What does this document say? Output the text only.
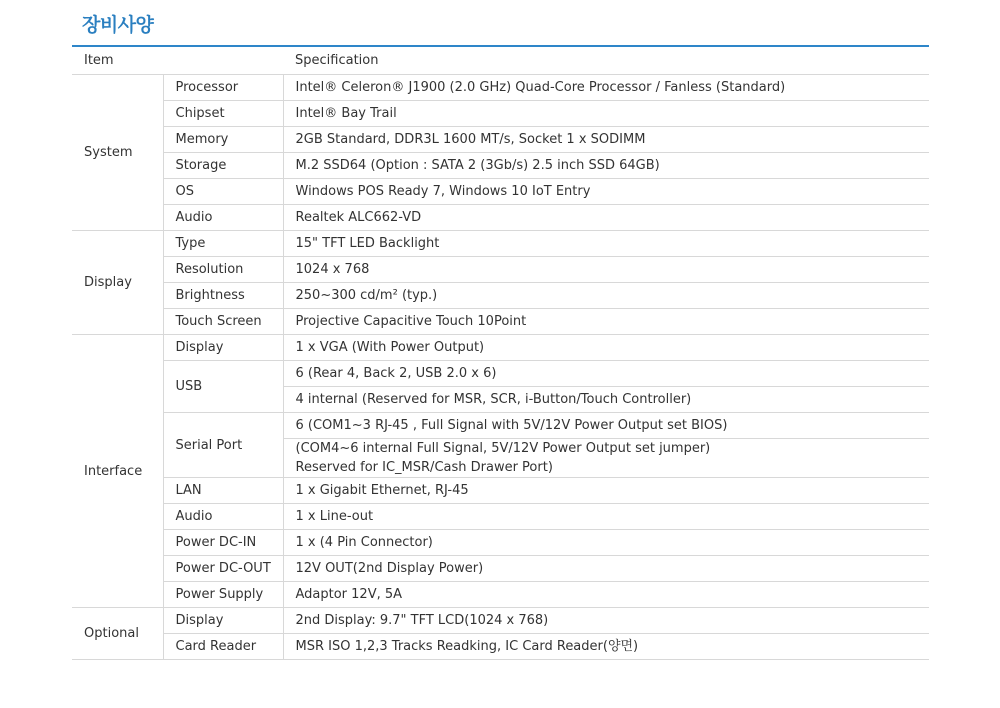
장비사양
Item		Specification
System	Processor	Intel® Celeron® J1900 (2.0 GHz) Quad-Core Processor / Fanless (Standard)
	Chipset	Intel® Bay Trail
	Memory	2GB Standard, DDR3L 1600 MT/s, Socket 1 x SODIMM
	Storage	M.2 SSD64 (Option : SATA 2 (3Gb/s) 2.5 inch SSD 64GB)
	OS	Windows POS Ready 7, Windows 10 IoT Entry
	Audio	Realtek ALC662-VD
Display	Type	15" TFT LED Backlight
	Resolution	1024 x 768
	Brightness	250~300 cd/m² (typ.)
	Touch Screen	Projective Capacitive Touch 10Point
Interface	Display	1 x VGA (With Power Output)
	USB	6 (Rear 4, Back 2, USB 2.0 x 6)
		4 internal (Reserved for MSR, SCR, i-Button/Touch Controller)
	Serial Port	6 (COM1~3 RJ-45 , Full Signal with 5V/12V Power Output set BIOS)
		(COM4~6 internal Full Signal, 5V/12V Power Output set jumper)
Reserved for IC_MSR/Cash Drawer Port)
	LAN	1 x Gigabit Ethernet, RJ-45
	Audio	1 x Line-out
	Power DC-IN	1 x (4 Pin Connector)
	Power DC-OUT	12V OUT(2nd Display Power)
	Power Supply	Adaptor 12V, 5A
Optional	Display	2nd Display: 9.7" TFT LCD(1024 x 768)
	Card Reader	MSR ISO 1,2,3 Tracks Readking, IC Card Reader(양면)
